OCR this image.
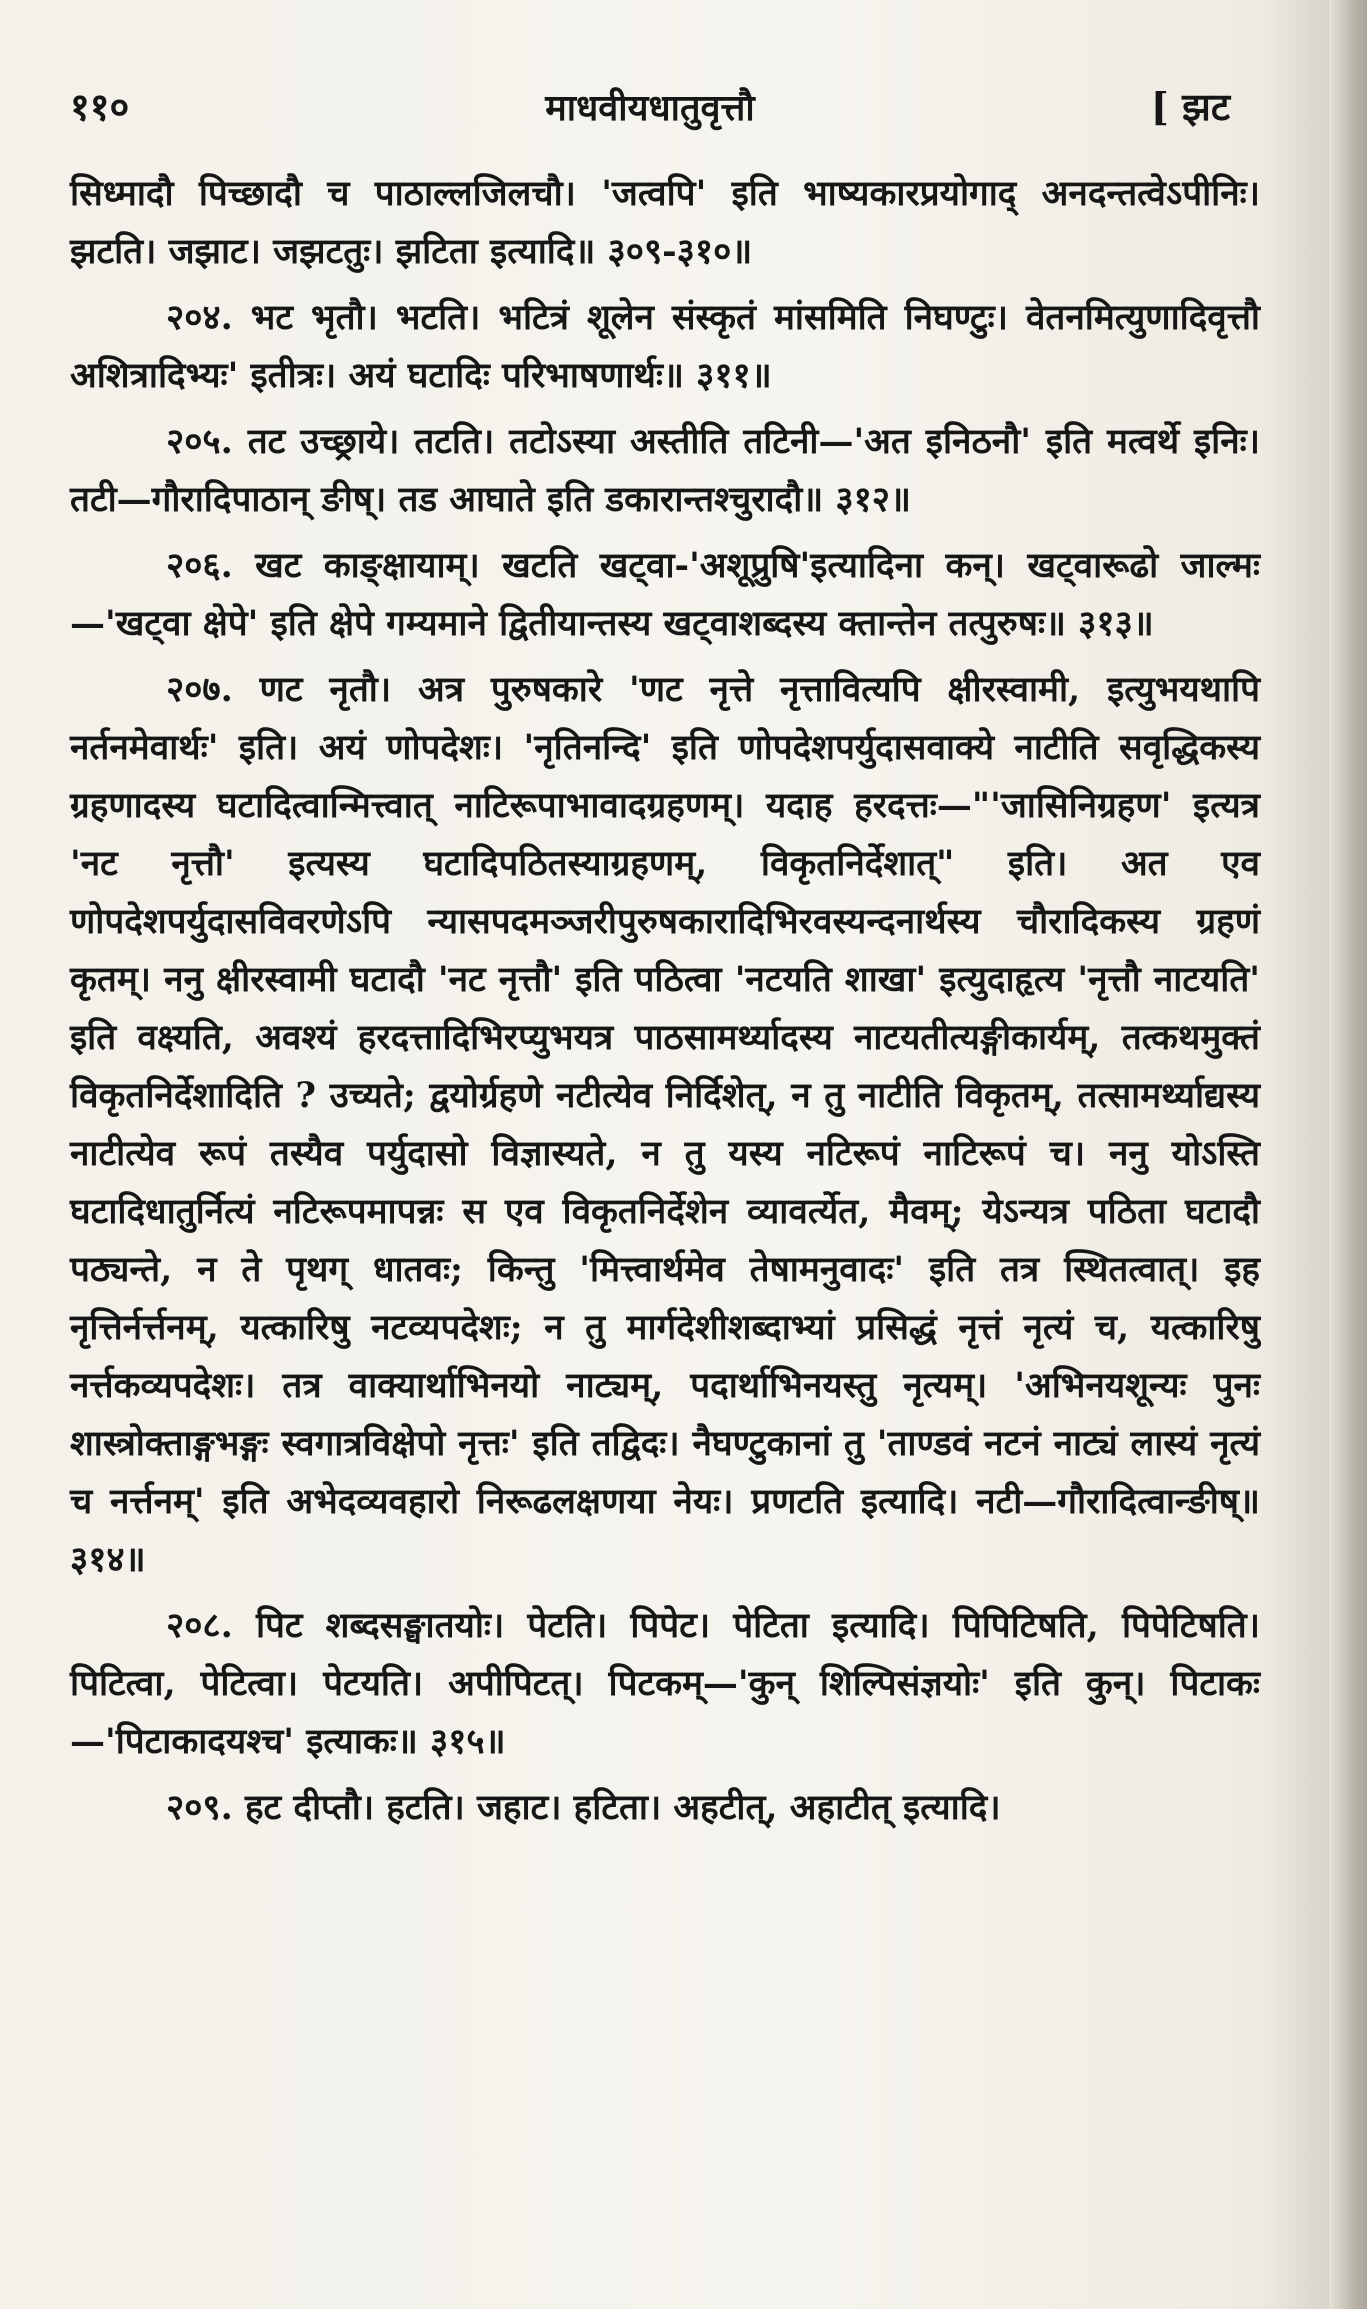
११०	माधवीयधातुवृत्तौ	[ झट

सिध्मादौ पिच्छादौ च पाठाल्लजिलचौ। 'जत्वपि' इति भाष्यकारप्रयोगाद् अनदन्तत्वेऽपीनिः। झटति। जझाट। जझटतुः। झटिता इत्यादि॥ ३०९-३१०॥

२०४. भट भृतौ। भटति। भटित्रं शूलेन संस्कृतं मांसमिति निघण्टुः। वेतनमित्युणादिवृत्तौ अशित्रादिभ्यः' इतीत्रः। अयं घटादिः परिभाषणार्थः॥ ३११॥

२०५. तट उच्छ्राये। तटति। तटोऽस्या अस्तीति तटिनी—'अत इनिठनौ' इति मत्वर्थे इनिः। तटी—गौरादिपाठान् ङीष्। तड आघाते इति डकारान्तश्चुरादौ॥ ३१२॥

२०६. खट काङ्क्षायाम्। खटति खट्वा-'अशूप्रुषि'इत्यादिना कन्। खट्वारूढो जाल्मः—'खट्वा क्षेपे' इति क्षेपे गम्यमाने द्वितीयान्तस्य खट्वाशब्दस्य क्तान्तेन तत्पुरुषः॥ ३१३॥

२०७. णट नृतौ। अत्र पुरुषकारे 'णट नृत्ते नृत्तावित्यपि क्षीरस्वामी, इत्युभयथापि नर्तनमेवार्थः' इति। अयं णोपदेशः। 'नृतिनन्दि' इति णोपदेशपर्युदासवाक्ये नाटीति सवृद्धिकस्य ग्रहणादस्य घटादित्वान्मित्त्वात् नाटिरूपाभावादग्रहणम्। यदाह हरदत्तः—"'जासिनिग्रहण' इत्यत्र 'नट नृत्तौ' इत्यस्य घटादिपठितस्याग्रहणम्, विकृतनिर्देशात्" इति। अत एव णोपदेशपर्युदासविवरणेऽपि न्यासपदमञ्जरीपुरुषकारादिभिरवस्यन्दनार्थस्य चौरादिकस्य ग्रहणं कृतम्। ननु क्षीरस्वामी घटादौ 'नट नृत्तौ' इति पठित्वा 'नटयति शाखा' इत्युदाहृत्य 'नृत्तौ नाटयति' इति वक्ष्यति, अवश्यं हरदत्तादिभिरप्युभयत्र पाठसामर्थ्यादस्य नाटयतीत्यङ्गीकार्यम्, तत्कथमुक्तं विकृतनिर्देशादिति ? उच्यते; द्वयोर्ग्रहणे नटीत्येव निर्दिशेत्, न तु नाटीति विकृतम्, तत्सामर्थ्याद्यस्य नाटीत्येव रूपं तस्यैव पर्युदासो विज्ञास्यते, न तु यस्य नटिरूपं नाटिरूपं च। ननु योऽस्ति घटादिधातुर्नित्यं नटिरूपमापन्नः स एव विकृतनिर्देशेन व्यावर्त्येत, मैवम्; येऽन्यत्र पठिता घटादौ पठ्यन्ते, न ते पृथग् धातवः; किन्तु 'मित्त्वार्थमेव तेषामनुवादः' इति तत्र स्थितत्वात्। इह नृत्तिर्नर्त्तनम्, यत्कारिषु नटव्यपदेशः; न तु मार्गदेशीशब्दाभ्यां प्रसिद्धं नृत्तं नृत्यं च, यत्कारिषु नर्त्तकव्यपदेशः। तत्र वाक्यार्थाभिनयो नाट्यम्, पदार्थाभिनयस्तु नृत्यम्। 'अभिनयशून्यः पुनः शास्त्रोक्ताङ्गभङ्गः स्वगात्रविक्षेपो नृत्तः' इति तद्विदः। नैघण्टुकानां तु 'ताण्डवं नटनं नाट्यं लास्यं नृत्यं च नर्त्तनम्' इति अभेदव्यवहारो निरूढलक्षणया नेयः। प्रणटति इत्यादि। नटी—गौरादित्वान्ङीष्॥ ३१४॥

२०८. पिट शब्दसङ्घातयोः। पेटति। पिपेट। पेटिता इत्यादि। पिपिटिषति, पिपेटिषति। पिटित्वा, पेटित्वा। पेटयति। अपीपिटत्। पिटकम्—'कुन् शिल्पिसंज्ञयोः' इति कुन्। पिटाकः—'पिटाकादयश्च' इत्याकः॥ ३१५॥

२०९. हट दीप्तौ। हटति। जहाट। हटिता। अहटीत्, अहाटीत् इत्यादि।
